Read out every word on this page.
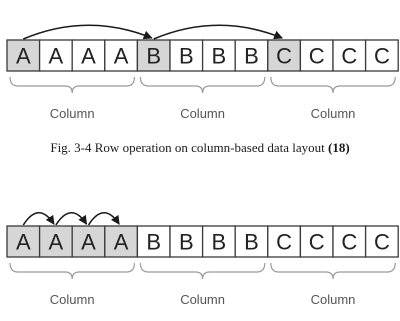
A A A A B B B B C C C C
Column	Column	Column
Fig. 3-4 Row operation on column-based data layout (18)
A A A A B B B B C C C C
Column	Column	Column
